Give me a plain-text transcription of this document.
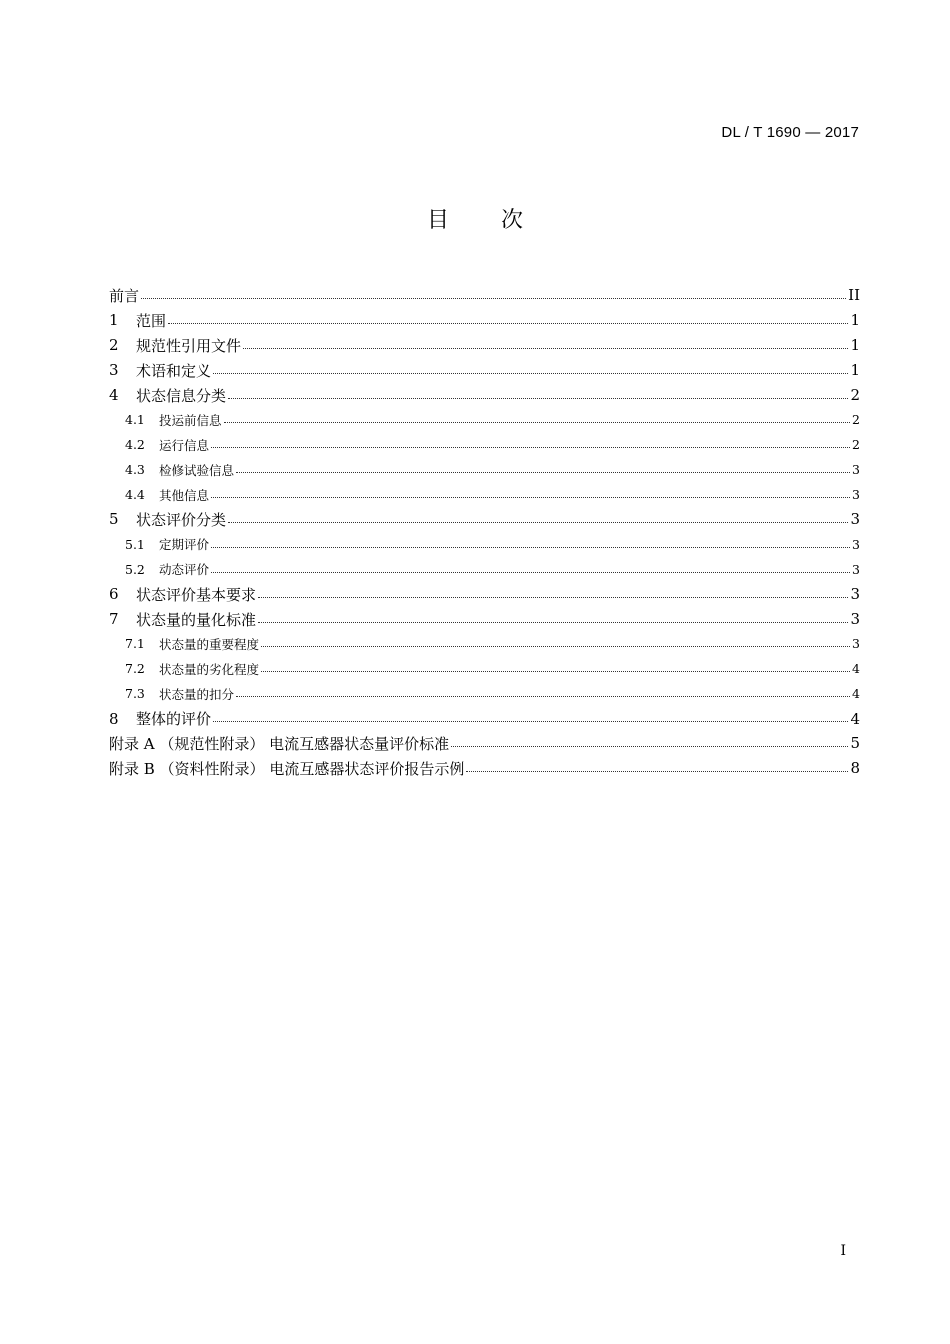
DL / T 1690 — 2017
目次
前言	II
1	范围	1
2	规范性引用文件	1
3	术语和定义	1
4	状态信息分类	2
4.1	投运前信息	2
4.2	运行信息	2
4.3	检修试验信息	3
4.4	其他信息	3
5	状态评价分类	3
5.1	定期评价	3
5.2	动态评价	3
6	状态评价基本要求	3
7	状态量的量化标准	3
7.1	状态量的重要程度	3
7.2	状态量的劣化程度	4
7.3	状态量的扣分	4
8	整体的评价	4
附录 A （规范性附录） 电流互感器状态量评价标准	5
附录 B （资料性附录） 电流互感器状态评价报告示例	8
I
